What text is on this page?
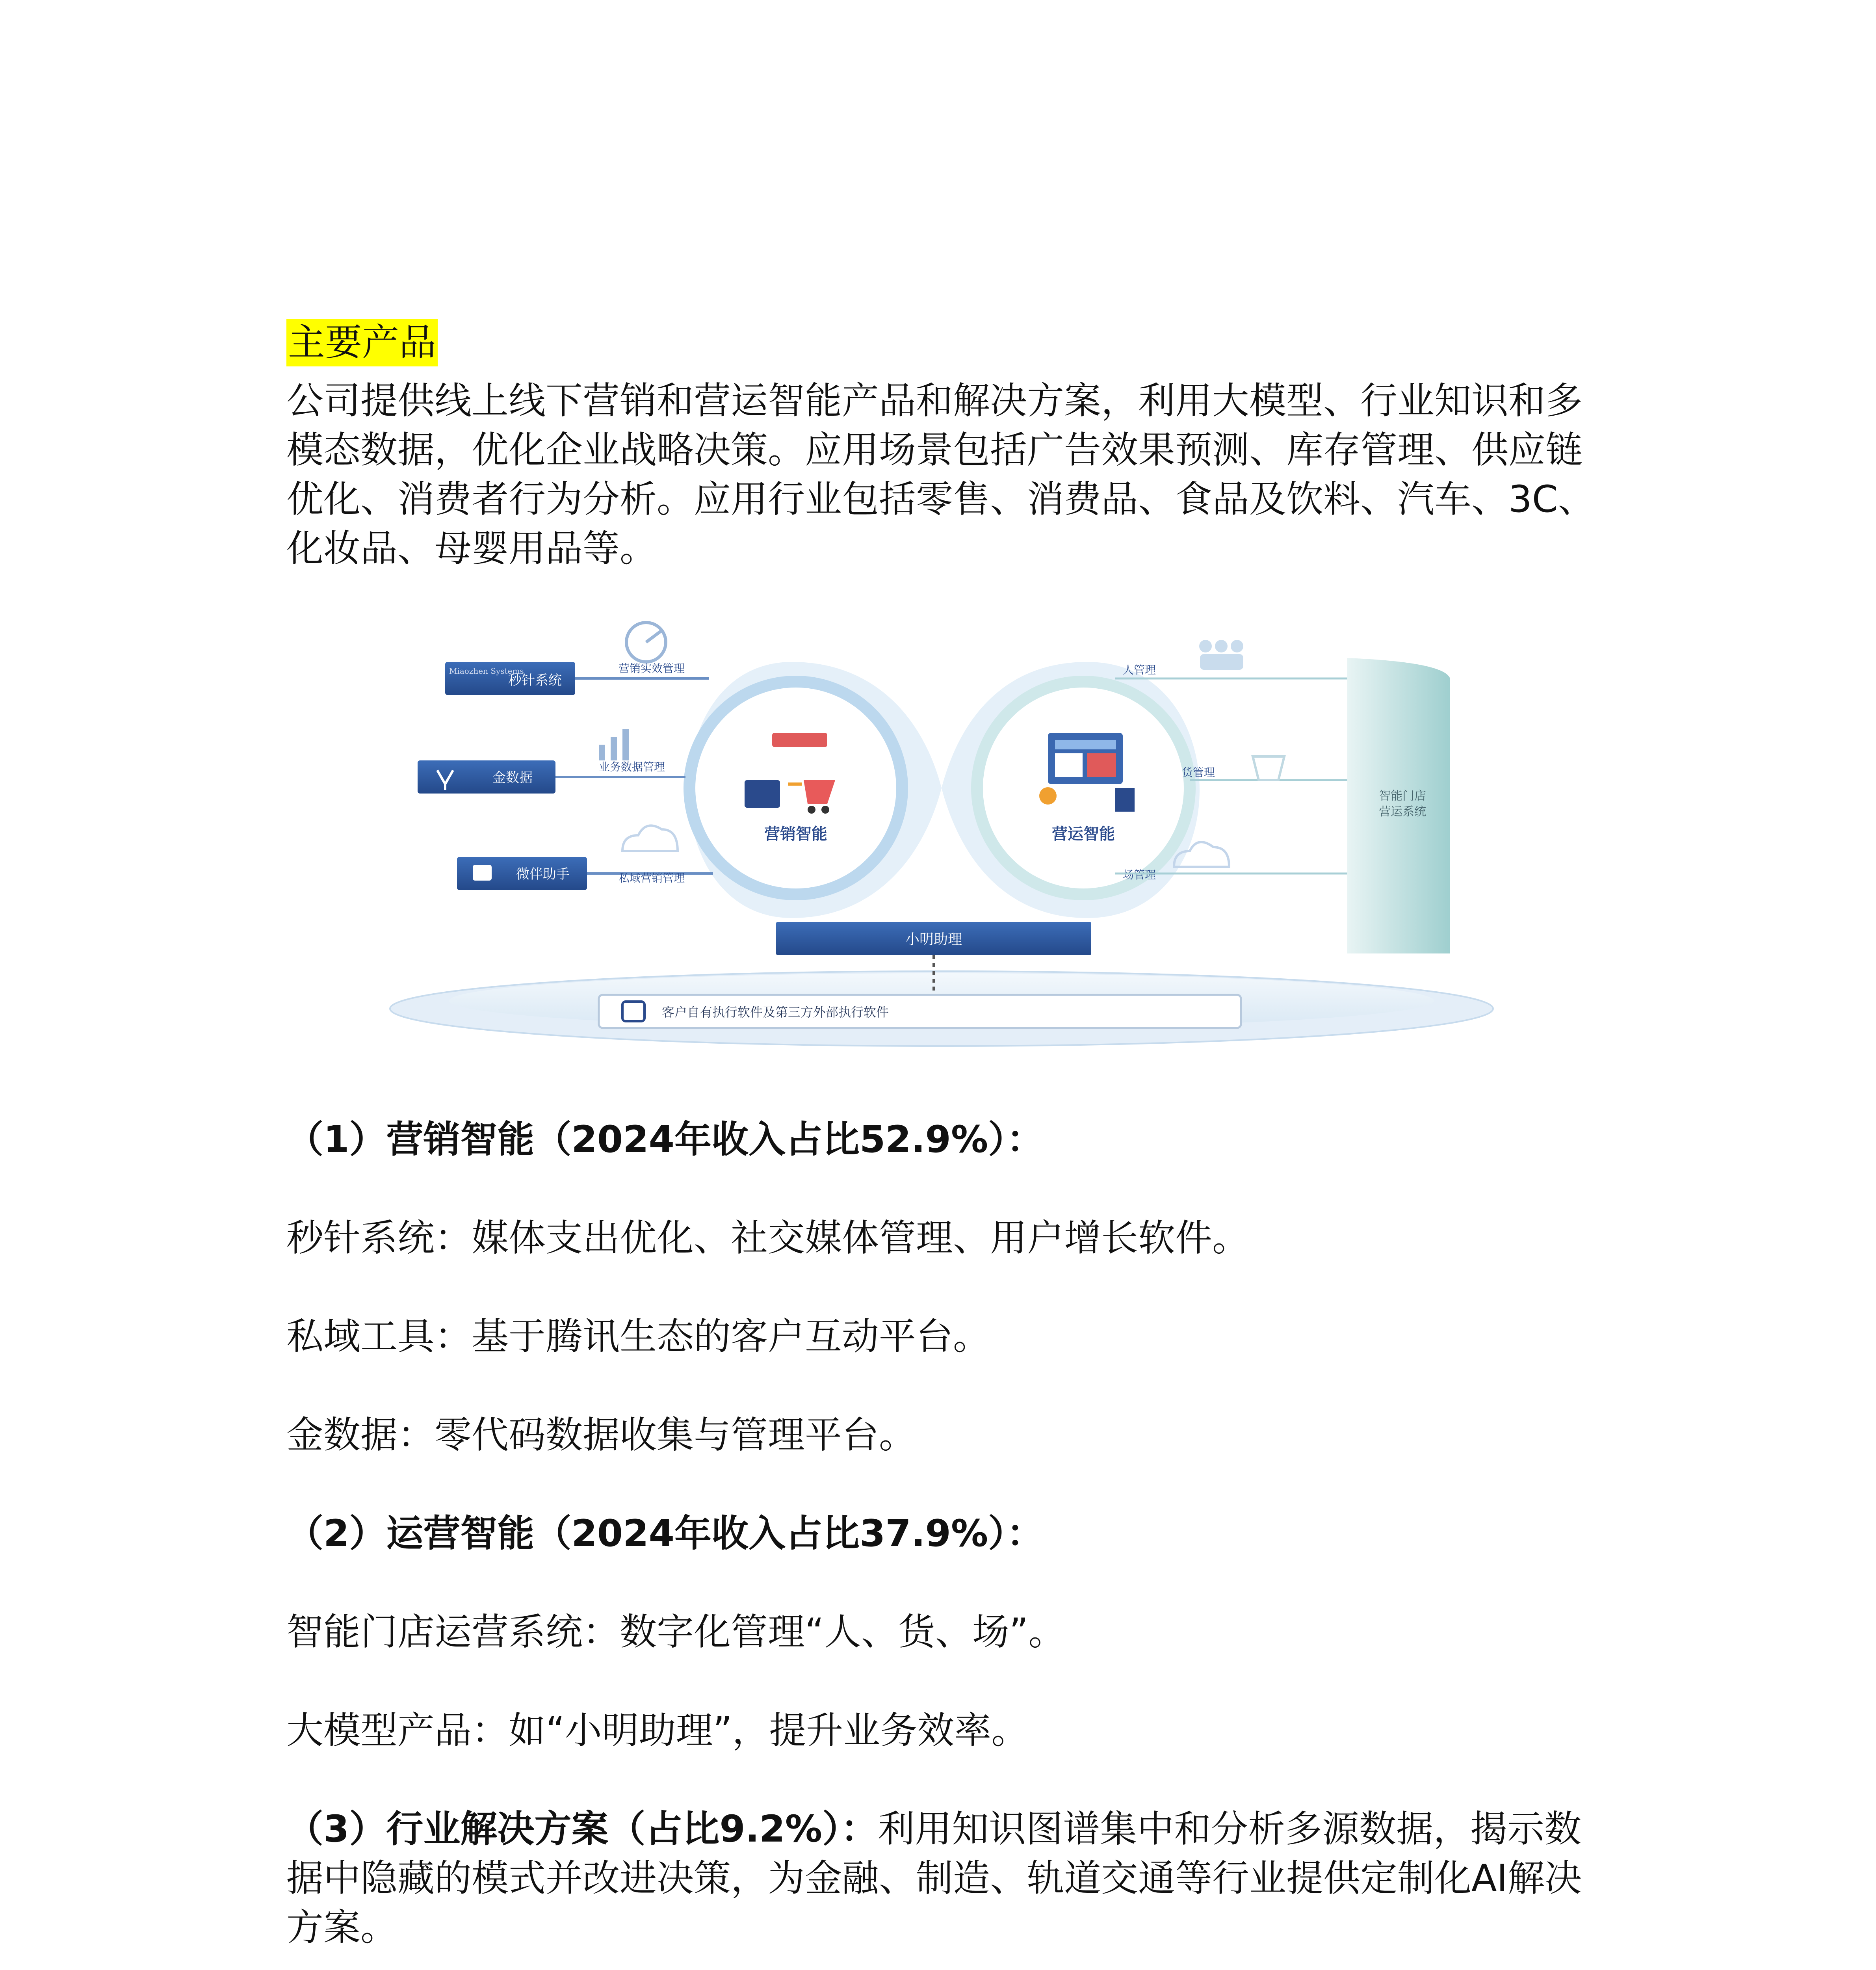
主要产品

公司提供线上线下营销和营运智能产品和解决方案，利用大模型、行业知识和多模态数据，优化企业战略决策。应用场景包括广告效果预测、库存管理、供应链优化、消费者行为分析。应用行业包括零售、消费品、食品及饮料、汽车、3C、化妆品、母婴用品等。

智能门店
营运系统
营销智能	营运智能
Miaozhen Systems
秒针系统
营销实效管理
金数据
业务数据管理
微伴助手	私域营销管理
人管理
货管理
场管理
小明助理
客户自有执行软件及第三方外部执行软件

（1）营销智能（2024年收入占比52.9%）：

秒针系统：媒体支出优化、社交媒体管理、用户增长软件。

私域工具：基于腾讯生态的客户互动平台。

金数据：零代码数据收集与管理平台。

（2）运营智能（2024年收入占比37.9%）：

智能门店运营系统：数字化管理“人、货、场”。

大模型产品：如“小明助理”，提升业务效率。

（3）行业解决方案（占比9.2%）：利用知识图谱集中和分析多源数据，揭示数据中隐藏的模式并改进决策，为金融、制造、轨道交通等行业提供定制化AI解决方案。
